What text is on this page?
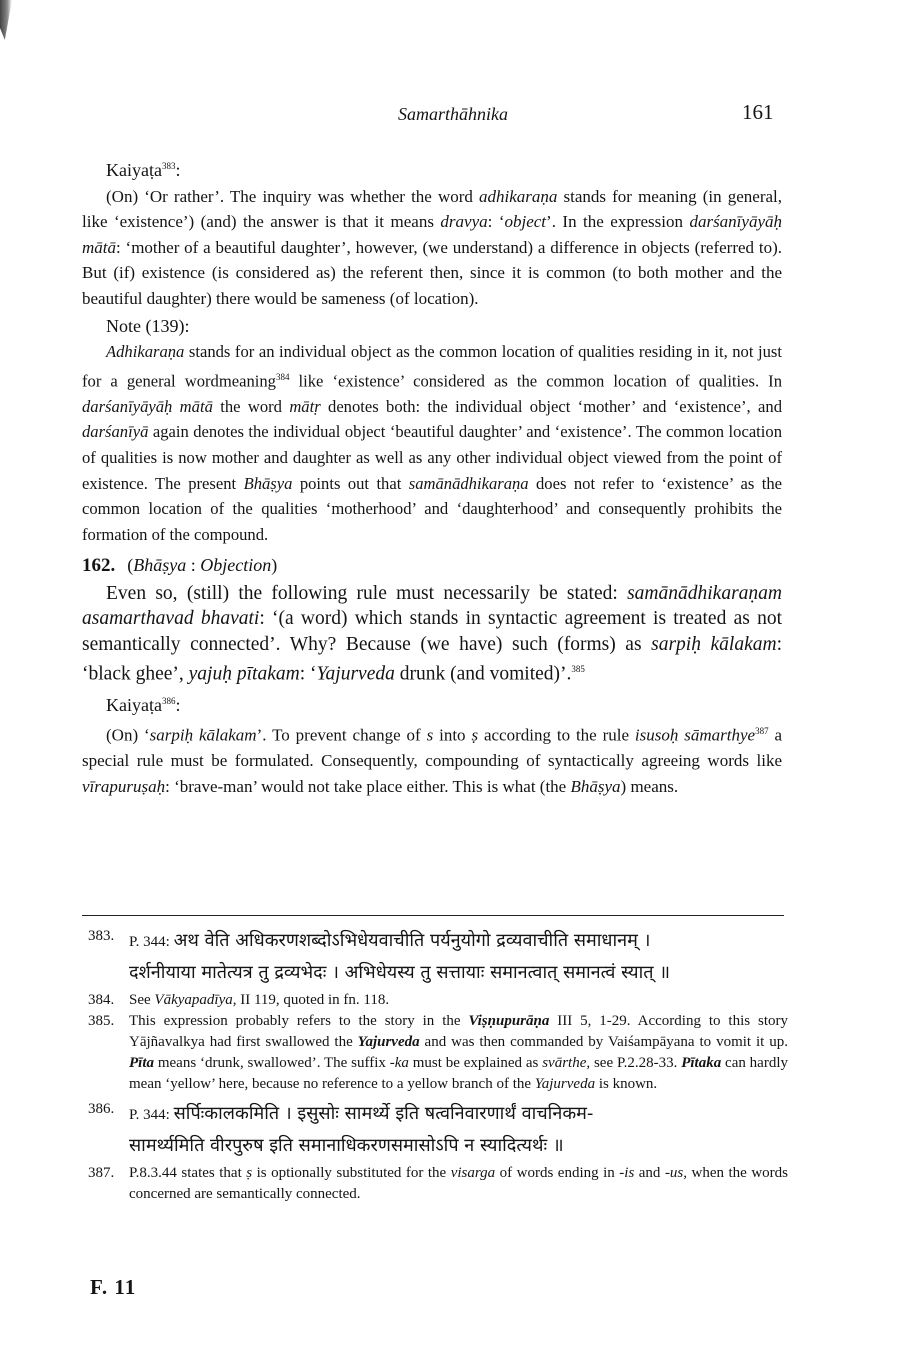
Samarthāhnika	161

Kaiyaṭa$^{383}$:

(On) ‘Or rather’. The inquiry was whether the word adhikaraṇa stands for meaning (in general, like ‘existence’) (and) the answer is that it means dravya: ‘object’. In the expression darśanīyāyāḥ mātā: ‘mother of a beautiful daughter’, however, (we understand) a difference in objects (referred to). But (if) existence (is considered as) the referent then, since it is common (to both mother and the beautiful daughter) there would be sameness (of location).

Note (139):

Adhikaraṇa stands for an individual object as the common location of qualities residing in it, not just for a general wordmeaning$^{384}$ like ‘existence’ considered as the common location of qualities. In darśanīyāyāḥ mātā the word mātṛ denotes both: the individual object ‘mother’ and ‘existence’, and darśanīyā again denotes the individual object ‘beautiful daughter’ and ‘existence’. The common location of qualities is now mother and daughter as well as any other individual object viewed from the point of existence. The present Bhāṣya points out that samānādhikaraṇa does not refer to ‘existence’ as the common location of the qualities ‘motherhood’ and ‘daughterhood’ and consequently prohibits the formation of the compound.

162. (Bhāṣya : Objection)

Even so, (still) the following rule must necessarily be stated: samānādhikaraṇam asamarthavad bhavati: ‘(a word) which stands in syntactic agreement is treated as not semantically connected’. Why? Because (we have) such (forms) as sarpiḥ kālakam: ‘black ghee’, yajuḥ pītakam: ‘Yajurveda drunk (and vomited)’.$^{385}$

Kaiyaṭa$^{386}$:

(On) ‘sarpiḥ kālakam’. To prevent change of s into ṣ according to the rule isusoḥ sāmarthye$^{387}$ a special rule must be formulated. Consequently, compounding of syntactically agreeing words like vīrapuruṣaḥ: ‘brave-man’ would not take place either. This is what (the Bhāṣya) means.

383. P. 344: अथ वेति अधिकरणशब्दोऽभिधेयवाचीति पर्यनुयोगो द्रव्यवाचीति समाधानम् ।

दर्शनीयाया मातेत्यत्र तु द्रव्यभेदः । अभिधेयस्य तु सत्तायाः समानत्वात् समानत्वं स्यात् ॥

384. See Vākyapadīya, II 119, quoted in fn. 118.

385. This expression probably refers to the story in the Viṣṇupurāṇa III 5, 1-29. According to this story Yājñavalkya had first swallowed the Yajurveda and was then commanded by Vaiśampāyana to vomit it up. Pīta means ‘drunk, swallowed’. The suffix -ka must be explained as svārthe, see P.2.28-33. Pītaka can hardly mean ‘yellow’ here, because no reference to a yellow branch of the Yajurveda is known.

386. P. 344: सर्पिःकालकमिति । इसुसोः सामर्थ्ये इति षत्वनिवारणार्थं वाचनिकम-

सामर्थ्यमिति वीरपुरुष इति समानाधिकरणसमासोऽपि न स्यादित्यर्थः ॥

387. P.8.3.44 states that ṣ is optionally substituted for the visarga of words ending in -is and -us, when the words concerned are semantically connected.

F. 11
